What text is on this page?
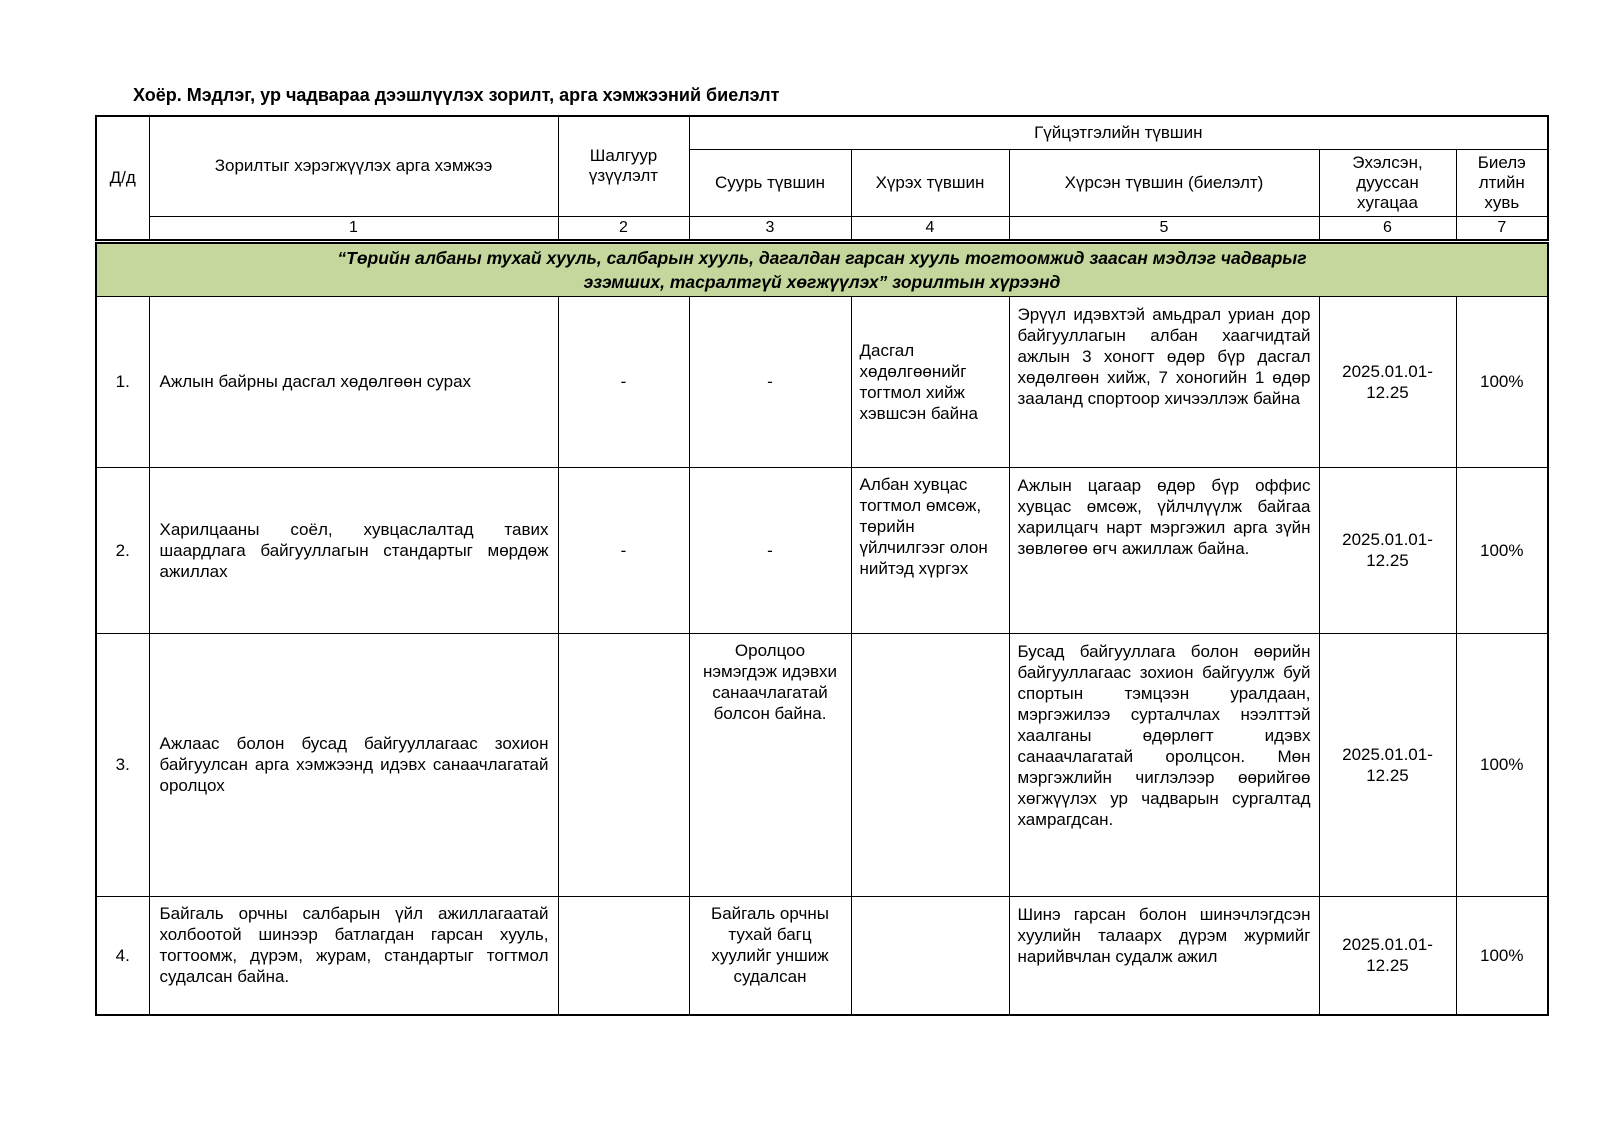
Хоёр. Мэдлэг, ур чадвараа дээшлүүлэх зорилт, арга хэмжээний биелэлт
Д/д	Зорилтыг хэрэгжүүлэх арга хэмжээ	Шалгуур үзүүлэлт	Гүйцэтгэлийн түвшин				
			Суурь түвшин	Хүрэх түвшин	Хүрсэн түвшин (биелэлт)	Эхэлсэн, дууссан хугацаа	Биелэ​лтийн хувь
	1	2	3	4	5	6	7

“Төрийн албаны тухай хууль, салбарын хууль, дагалдан гарсан хууль тогтоомжид заасан мэдлэг чадварыг эзэмших, тасралтгүй хөгжүүлэх” зорилтын хүрээнд							

1.	Ажлын байрны дасгал хөдөлгөөн сурах	-	-	Дасгал хөдөлгөөнийг тогтмол хийж хэвшсэн байна	Эрүүл идэвхтэй амьдрал уриан дор байгууллагын албан хаагчидтай ажлын 3 хоногт өдөр бүр дасгал хөдөлгөөн хийж, 7 хоногийн 1 өдөр зааланд спортоор хичээллэж байна	2025.01.01-12.25	100%
2.	Харилцааны соёл, хувцаслалтад тавих шаардлага байгууллагын стандартыг мөрдөж ажиллах	-	-	Албан хувцас тогтмол өмсөж, төрийн үйлчилгээг олон нийтэд хүргэх	Ажлын цагаар өдөр бүр оффис хувцас өмсөж, үйлчлүүлж байгаа харилцагч нарт мэргэжил арга зүйн зөвлөгөө өгч ажиллаж байна.	2025.01.01-12.25	100%
3.	Ажлаас болон бусад байгууллагаас зохион байгуулсан арга хэмжээнд идэвх санаачлагатай оролцох		Оролцоо нэмэгдэж идэвхи санаачлагата​й болсон байна.		Бусад байгууллага болон өөрийн байгууллагаас зохион байгуулж буй спортын тэмцээн уралдаан, мэргэжилээ сурталчлах нээлттэй хаалганы өдөрлөгт идэвх санаачлагатай оролцсон. Мөн мэргэжлийн чиглэлээр өөрийгөө хөгжүүлэх ур чадварын сургалтад хамрагдсан.	2025.01.01-12.25	100%
4.	Байгаль орчны салбарын үйл ажиллагаатай холбоотой шинээр батлагдан гарсан хууль, тогтоомж, дүрэм, журам, стандартыг тогтмол судалсан байна.		Байгаль орчны тухай багц хуулийг уншиж судалсан		Шинэ гарсан болон шинэчлэгдсэн хуулийн талаарх дүрэм журмийг нарийвчлан судалж ажил	2025.01.01-12.25	100%
